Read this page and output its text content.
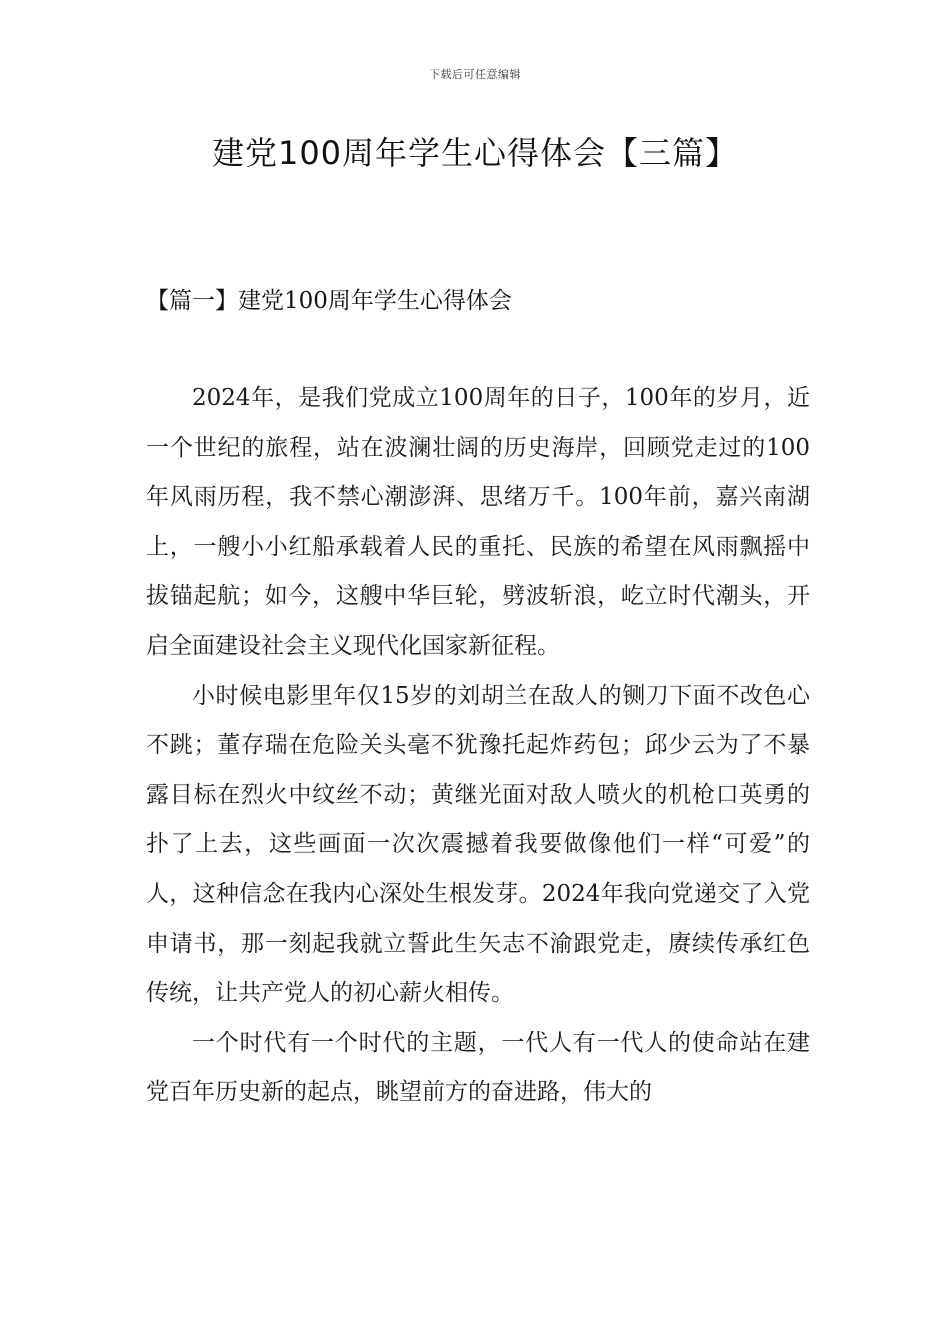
下载后可任意编辑
建党100周年学生心得体会【三篇】
【篇一】建党100周年学生心得体会

2024年，是我们党成立100周年的日子，100年的岁月，近一个世纪的旅程，站在波澜壮阔的历史海岸，回顾党走过的100年风雨历程，我不禁心潮澎湃、思绪万千。100年前，嘉兴南湖上，一艘小小红船承载着人民的重托、民族的希望在风雨飘摇中拔锚起航；如今，这艘中华巨轮，劈波斩浪，屹立时代潮头，开启全面建设社会主义现代化国家新征程。

小时候电影里年仅15岁的刘胡兰在敌人的铡刀下面不改色心不跳；董存瑞在危险关头毫不犹豫托起炸药包；邱少云为了不暴露目标在烈火中纹丝不动；黄继光面对敌人喷火的机枪口英勇的扑了上去，这些画面一次次震撼着我要做像他们一样“可爱”的人，这种信念在我内心深处生根发芽。2024年我向党递交了入党申请书，那一刻起我就立誓此生矢志不渝跟党走，赓续传承红色传统，让共产党人的初心薪火相传。

一个时代有一个时代的主题，一代人有一代人的使命站在建党百年历史新的起点，眺望前方的奋进路，伟大的
